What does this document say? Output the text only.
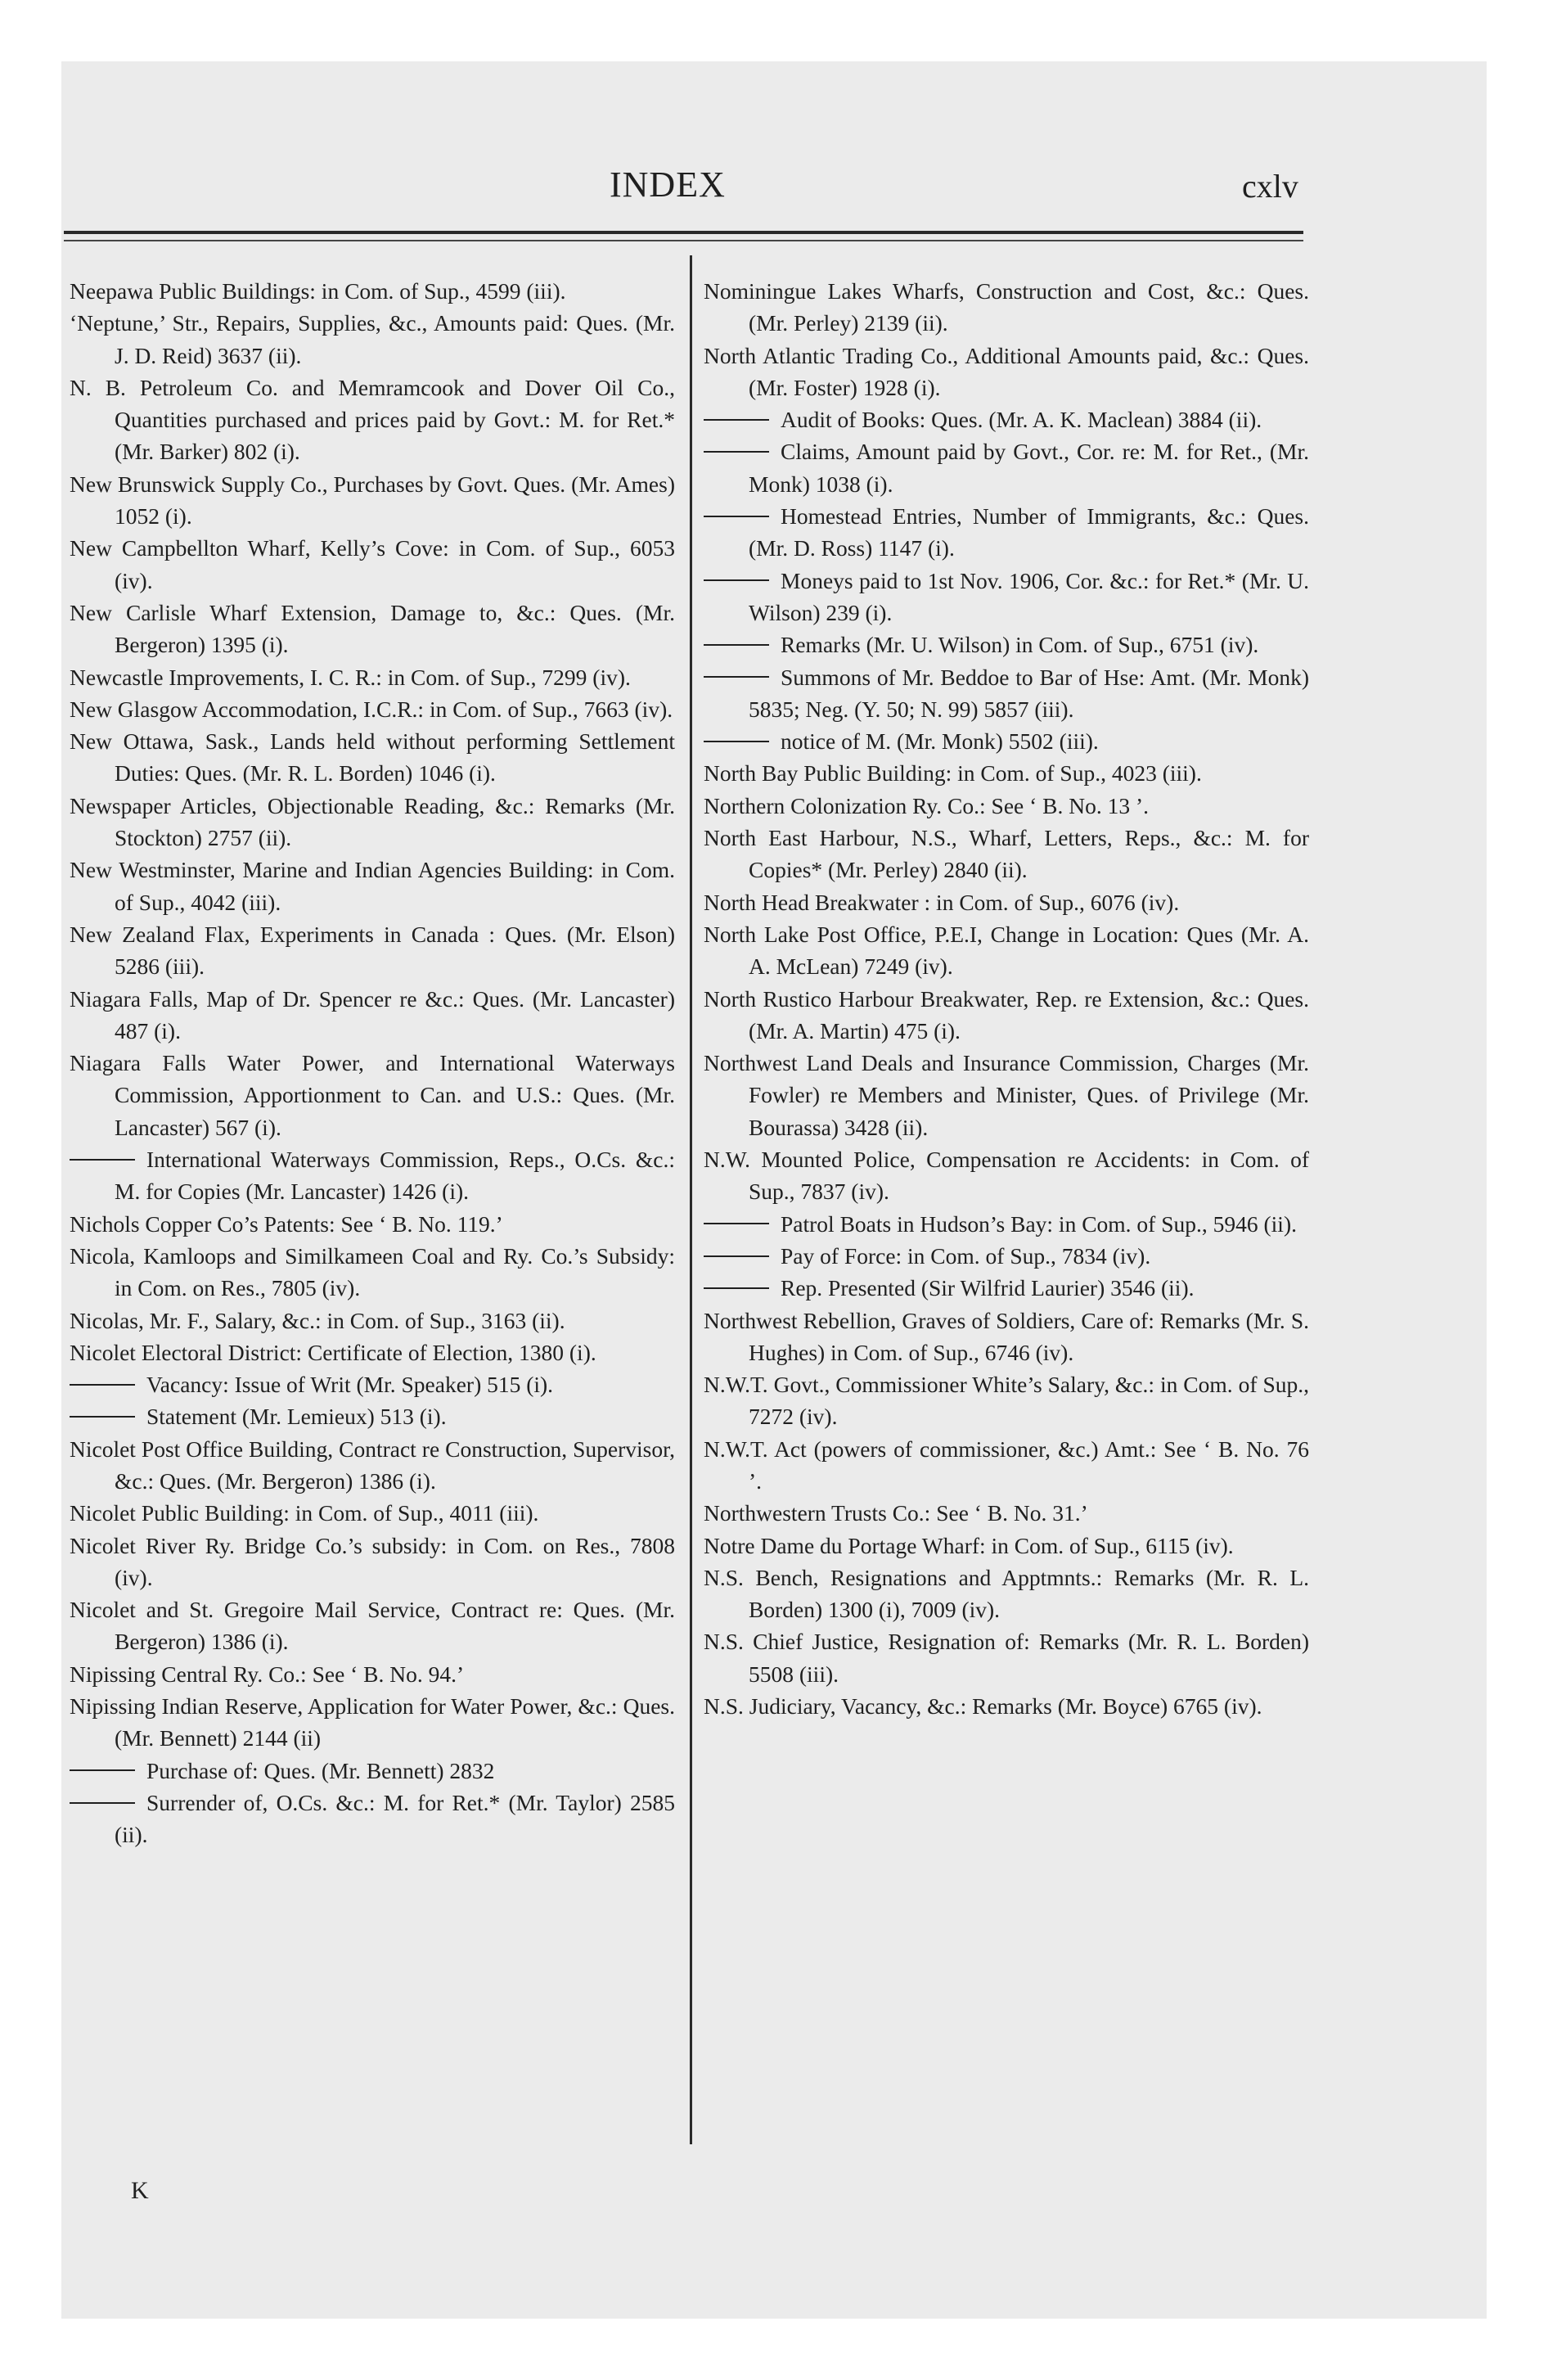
INDEX	cxlv

Neepawa Public Buildings: in Com. of Sup., 4599 (iii).

‘Neptune,’ Str., Repairs, Supplies, &c., Amounts paid: Ques. (Mr. J. D. Reid) 3637 (ii).

N. B. Petroleum Co. and Memramcook and Dover Oil Co., Quantities purchased and prices paid by Govt.: M. for Ret.* (Mr. Barker) 802 (i).

New Brunswick Supply Co., Purchases by Govt. Ques. (Mr. Ames) 1052 (i).

New Campbellton Wharf, Kelly’s Cove: in Com. of Sup., 6053 (iv).

New Carlisle Wharf Extension, Damage to, &c.: Ques. (Mr. Bergeron) 1395 (i).

Newcastle Improvements, I. C. R.: in Com. of Sup., 7299 (iv).

New Glasgow Accommodation, I.C.R.: in Com. of Sup., 7663 (iv).

New Ottawa, Sask., Lands held without performing Settlement Duties: Ques. (Mr. R. L. Borden) 1046 (i).

Newspaper Articles, Objectionable Reading, &c.: Remarks (Mr. Stockton) 2757 (ii).

New Westminster, Marine and Indian Agencies Building: in Com. of Sup., 4042 (iii).

New Zealand Flax, Experiments in Canada : Ques. (Mr. Elson) 5286 (iii).

Niagara Falls, Map of Dr. Spencer re &c.: Ques. (Mr. Lancaster) 487 (i).

Niagara Falls Water Power, and International Waterways Commission, Apportionment to Can. and U.S.: Ques. (Mr. Lancaster) 567 (i).

International Waterways Commission, Reps., O.Cs. &c.: M. for Copies (Mr. Lancaster) 1426 (i).

Nichols Copper Co’s Patents: See ‘ B. No. 119.’

Nicola, Kamloops and Similkameen Coal and Ry. Co.’s Subsidy: in Com. on Res., 7805 (iv).

Nicolas, Mr. F., Salary, &c.: in Com. of Sup., 3163 (ii).

Nicolet Electoral District: Certificate of Election, 1380 (i).

Vacancy: Issue of Writ (Mr. Speaker) 515 (i).

Statement (Mr. Lemieux) 513 (i).

Nicolet Post Office Building, Contract re Construction, Supervisor, &c.: Ques. (Mr. Bergeron) 1386 (i).

Nicolet Public Building: in Com. of Sup., 4011 (iii).

Nicolet River Ry. Bridge Co.’s subsidy: in Com. on Res., 7808 (iv).

Nicolet and St. Gregoire Mail Service, Contract re: Ques. (Mr. Bergeron) 1386 (i).

Nipissing Central Ry. Co.: See ‘ B. No. 94.’

Nipissing Indian Reserve, Application for Water Power, &c.: Ques. (Mr. Bennett) 2144 (ii)

Purchase of: Ques. (Mr. Bennett) 2832

Surrender of, O.Cs. &c.: M. for Ret.* (Mr. Taylor) 2585 (ii).

Nominingue Lakes Wharfs, Construction and Cost, &c.: Ques. (Mr. Perley) 2139 (ii).

North Atlantic Trading Co., Additional Amounts paid, &c.: Ques. (Mr. Foster) 1928 (i).

Audit of Books: Ques. (Mr. A. K. Maclean) 3884 (ii).

Claims, Amount paid by Govt., Cor. re: M. for Ret., (Mr. Monk) 1038 (i).

Homestead Entries, Number of Immigrants, &c.: Ques. (Mr. D. Ross) 1147 (i).

Moneys paid to 1st Nov. 1906, Cor. &c.: for Ret.* (Mr. U. Wilson) 239 (i).

Remarks (Mr. U. Wilson) in Com. of Sup., 6751 (iv).

Summons of Mr. Beddoe to Bar of Hse: Amt. (Mr. Monk) 5835; Neg. (Y. 50; N. 99) 5857 (iii).

notice of M. (Mr. Monk) 5502 (iii).

North Bay Public Building: in Com. of Sup., 4023 (iii).

Northern Colonization Ry. Co.: See ‘ B. No. 13 ’.

North East Harbour, N.S., Wharf, Letters, Reps., &c.: M. for Copies* (Mr. Perley) 2840 (ii).

North Head Breakwater : in Com. of Sup., 6076 (iv).

North Lake Post Office, P.E.I, Change in Location: Ques (Mr. A. A. McLean) 7249 (iv).

North Rustico Harbour Breakwater, Rep. re Extension, &c.: Ques. (Mr. A. Martin) 475 (i).

Northwest Land Deals and Insurance Commission, Charges (Mr. Fowler) re Members and Minister, Ques. of Privilege (Mr. Bourassa) 3428 (ii).

N.W. Mounted Police, Compensation re Accidents: in Com. of Sup., 7837 (iv).

Patrol Boats in Hudson’s Bay: in Com. of Sup., 5946 (ii).

Pay of Force: in Com. of Sup., 7834 (iv).

Rep. Presented (Sir Wilfrid Laurier) 3546 (ii).

Northwest Rebellion, Graves of Soldiers, Care of: Remarks (Mr. S. Hughes) in Com. of Sup., 6746 (iv).

N.W.T. Govt., Commissioner White’s Salary, &c.: in Com. of Sup., 7272 (iv).

N.W.T. Act (powers of commissioner, &c.) Amt.: See ‘ B. No. 76 ’.

Northwestern Trusts Co.: See ‘ B. No. 31.’

Notre Dame du Portage Wharf: in Com. of Sup., 6115 (iv).

N.S. Bench, Resignations and Apptmnts.: Remarks (Mr. R. L. Borden) 1300 (i), 7009 (iv).

N.S. Chief Justice, Resignation of: Remarks (Mr. R. L. Borden) 5508 (iii).

N.S. Judiciary, Vacancy, &c.: Remarks (Mr. Boyce) 6765 (iv).

K
